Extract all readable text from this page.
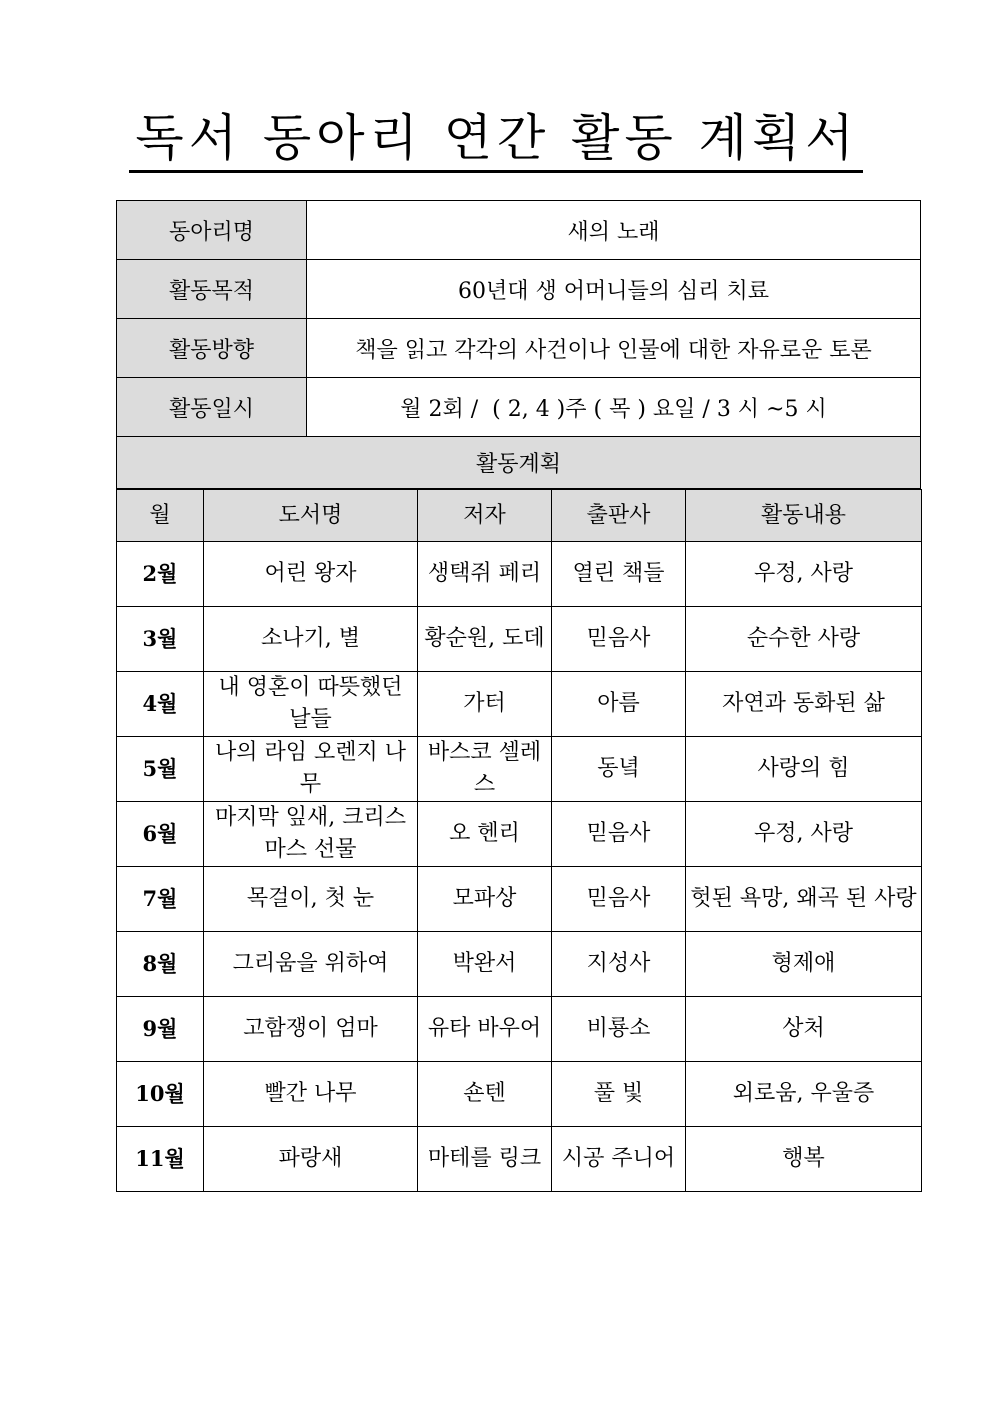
독서 동아리 연간 활동 계획서
동아리명	새의 노래
활동목적	60년대 생 어머니들의 심리 치료
활동방향	책을 읽고 각각의 사건이나 인물에 대한 자유로운 토론
활동일시	월 2회 /  ( 2, 4 )주 ( 목 ) 요일 / 3 시 ~5 시
활동계획	
월	도서명	저자	출판사	활동내용
2월	어린 왕자	생택쥐 페리	열린 책들	우정, 사랑
3월	소나기, 별	황순원, 도데	믿음사	순수한 사랑
4월	내 영혼이 따뜻했던 날들	가터	아름	자연과 동화된 삶
5월	나의 라임 오렌지 나무	바스코 셀레스	동녘	사랑의 힘
6월	마지막 잎새, 크리스마스 선물	오 헨리	믿음사	우정, 사랑
7월	목걸이, 첫 눈	모파상	믿음사	헛된 욕망, 왜곡 된 사랑
8월	그리움을 위하여	박완서	지성사	형제애
9월	고함쟁이 엄마	유타 바우어	비룡소	상처
10월	빨간 나무	숀텐	풀 빛	외로움, 우울증
11월	파랑새	마테를 링크	시공 주니어	행복
